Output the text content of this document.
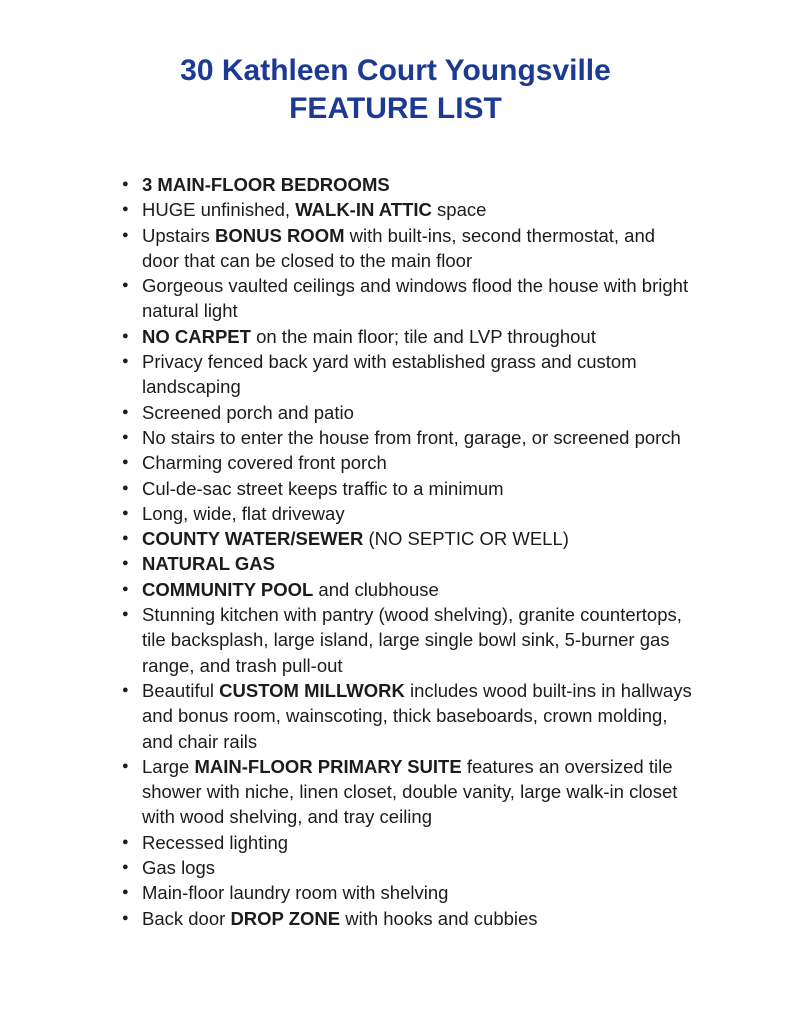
30 Kathleen Court Youngsville
FEATURE LIST
● 3 MAIN-FLOOR BEDROOMS
● HUGE unfinished, WALK-IN ATTIC space
● Upstairs BONUS ROOM with built-ins, second thermostat, and door that can be closed to the main floor
● Gorgeous vaulted ceilings and windows flood the house with bright natural light
● NO CARPET on the main floor; tile and LVP throughout
● Privacy fenced back yard with established grass and custom landscaping
● Screened porch and patio
● No stairs to enter the house from front, garage, or screened porch
● Charming covered front porch
● Cul-de-sac street keeps traffic to a minimum
● Long, wide, flat driveway
● COUNTY WATER/SEWER (NO SEPTIC OR WELL)
● NATURAL GAS
● COMMUNITY POOL and clubhouse
● Stunning kitchen with pantry (wood shelving), granite countertops, tile backsplash, large island, large single bowl sink, 5-burner gas range, and trash pull-out
● Beautiful CUSTOM MILLWORK includes wood built-ins in hallways and bonus room, wainscoting, thick baseboards, crown molding, and chair rails
● Large MAIN-FLOOR PRIMARY SUITE features an oversized tile shower with niche, linen closet, double vanity, large walk-in closet with wood shelving, and tray ceiling
● Recessed lighting
● Gas logs
● Main-floor laundry room with shelving
● Back door DROP ZONE with hooks and cubbies
